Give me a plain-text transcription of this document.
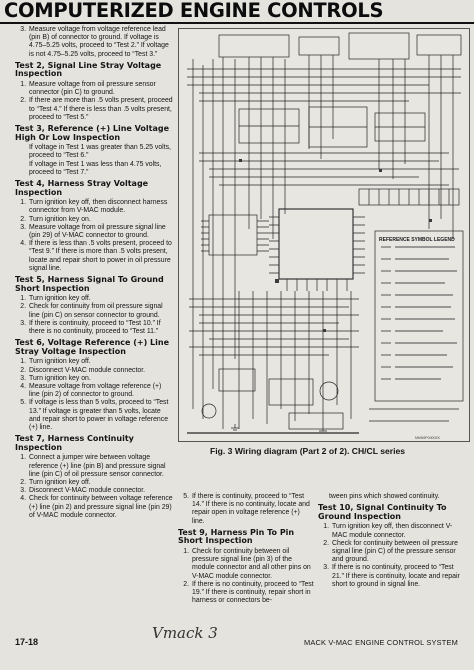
COMPUTERIZED ENGINE CONTROLS
3. Measure voltage from voltage reference lead (pin B) of connector to ground. If voltage is 4.75–5.25 volts, proceed to “Test 2.” If voltage is not 4.75–5.25 volts, proceed to “Test 3.”
Test 2, Signal Line Stray Voltage Inspection
1. Measure voltage from oil pressure sensor connector (pin C) to ground.
2. If there are more than .5 volts present, proceed to “Test 4.” If there is less than .5 volts present, proceed to “Test 5.”
Test 3, Reference (+) Line Voltage High Or Low Inspection
If voltage in Test 1 was greater than 5.25 volts, proceed to “Test 6.”
If voltage in Test 1 was less than 4.75 volts, proceed to “Test 7.”
Test 4, Harness Stray Voltage Inspection
1. Turn ignition key off, then disconnect harness connector from V-MAC module.
2. Turn ignition key on.
3. Measure voltage from oil pressure signal line (pin 29) of V-MAC connector to ground.
4. If there is less than .5 volts present, proceed to “Test 9.” If there is more than .5 volts present, locate and repair short to power in oil pressure signal line.
Test 5, Harness Signal To Ground Short Inspection
1. Turn ignition key off.
2. Check for continuity from oil pressure signal line (pin C) on sensor connector to ground.
3. If there is continuity, proceed to “Test 10.” If there is no continuity, proceed to “Test 11.”
Test 6, Voltage Reference (+) Line Stray Voltage Inspection
1. Turn ignition key off.
2. Disconnect V-MAC module connector.
3. Turn ignition key on.
4. Measure voltage from voltage reference (+) line (pin 2) of connector to ground.
5. If voltage is less than 5 volts, proceed to “Test 13.” If voltage is greater than 5 volts, locate and repair short to power in voltage reference (+) line.
Test 7, Harness Continuity Inspection
1. Connect a jumper wire between voltage reference (+) line (pin B) and pressure signal line (pin C) of oil pressure sensor connector.
2. Turn ignition key off.
3. Disconnect V-MAC module connector.
4. Check for continuity between voltage reference (+) line (pin 2) and pressure signal line (pin 29) of V-MAC module connector.
REFERENCE SYMBOL LEGEND
MMN9P0000ZK
Fig. 3 Wiring diagram (Part 2 of 2). CH/CL series
5. If there is continuity, proceed to “Test 14.” If there is no continuity, locate and repair open in voltage reference (+) line.
Test 9, Harness Pin To Pin Short Inspection
1. Check for continuity between oil pressure signal line (pin 3) of the module connector and all other pins on V-MAC module connector.
2. If there is no continuity, proceed to “Test 19.” If there is continuity, repair short in harness or connectors be-
tween pins which showed continuity.
Test 10, Signal Continuity To Ground Inspection
1. Turn ignition key off, then disconnect V-MAC module connector.
2. Check for continuity between oil pressure signal line (pin C) of the pressure sensor and ground.
3. If there is no continuity, proceed to “Test 21.” If there is continuity, locate and repair short to ground in signal line.
Vmack 3
17-18	MACK V-MAC ENGINE CONTROL SYSTEM
